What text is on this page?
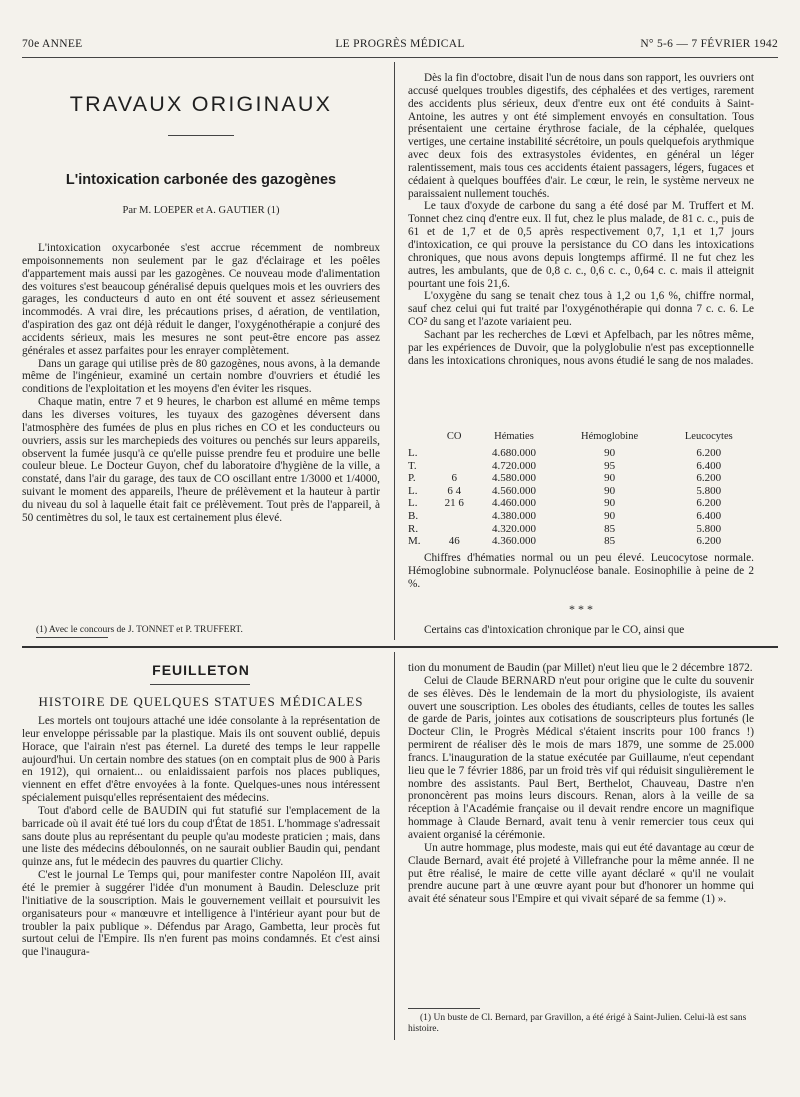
70e ANNEE	LE PROGRÈS MÉDICAL	N° 5-6 — 7 FÉVRIER 1942
TRAVAUX ORIGINAUX
L'intoxication carbonée des gazogènes
Par M. LOEPER et A. GAUTIER (1)

L'intoxication oxycarbonée s'est accrue récemment de nombreux empoisonnements non seulement par le gaz d'éclairage et les poêles d'appartement mais aussi par les gazogènes. Ce nouveau mode d'alimentation des voitures s'est beaucoup généralisé depuis quelques mois et les ouvriers des garages, les conducteurs d auto en ont été souvent et assez sérieusement incommodés. A vrai dire, les précautions prises, d aération, de ventilation, d'aspiration des gaz ont déjà réduit le danger, l'oxygénothérapie a conjuré des accidents sérieux, mais les mesures ne sont peut-être encore pas assez générales et assez parfaites pour les enrayer complètement.

Dans un garage qui utilise près de 80 gazogènes, nous avons, à la demande même de l'ingénieur, examiné un certain nombre d'ouvriers et étudié les conditions de l'exploitation et les moyens d'en éviter les risques.

Chaque matin, entre 7 et 9 heures, le charbon est allumé en même temps dans les diverses voitures, les tuyaux des gazogènes déversent dans l'atmosphère des fumées de plus en plus riches en CO et les conducteurs ou ouvriers, assis sur les marchepieds des voitures ou penchés sur leurs appareils, observent la fumée jusqu'à ce qu'elle puisse prendre feu et produire une belle couleur bleue. Le Docteur Guyon, chef du laboratoire d'hygiène de la ville, a constaté, dans l'air du garage, des taux de CO oscillant entre 1/3000 et 1/4000, suivant le moment des appareils, l'heure de prélèvement et la hauteur à partir du niveau du sol à laquelle était fait ce prélèvement. Tout près de l'appareil, à 50 centimètres du sol, le taux est certainement plus élevé.

(1) Avec le concours de J. TONNET et P. TRUFFERT.

Dès la fin d'octobre, disait l'un de nous dans son rapport, les ouvriers ont accusé quelques troubles digestifs, des céphalées et des vertiges, rarement des accidents plus sérieux, deux d'entre eux ont été conduits à Saint-Antoine, les autres y ont été simplement envoyés en consultation. Tous présentaient une certaine érythrose faciale, de la céphalée, quelques vertiges, une certaine instabilité sécrétoire, un pouls quelquefois arythmique avec deux fois des extrasystoles évidentes, en général un léger ralentissement, mais tous ces accidents étaient passagers, légers, fugaces et cédaient à quelques bouffées d'air. Le cœur, le rein, le système nerveux ne paraissaient nullement touchés.

Le taux d'oxyde de carbone du sang a été dosé par M. Truffert et M. Tonnet chez cinq d'entre eux. Il fut, chez le plus malade, de 81 c. c., puis de 61 et de 1,7 et de 0,5 après respectivement 0,7, 1,1 et 1,7 jours d'intoxication, ce qui prouve la persistance du CO dans les intoxications chroniques, que nous avons depuis longtemps affirmé. Il ne fut chez les autres, les ambulants, que de 0,8 c. c., 0,6 c. c., 0,64 c. c. mais il atteignit pourtant une fois 21,6.

L'oxygène du sang se tenait chez tous à 1,2 ou 1,6 %, chiffre normal, sauf chez celui qui fut traité par l'oxygénothérapie qui donna 7 c. c. 6. Le CO² du sang et l'azote variaient peu.

Sachant par les recherches de Lœvi et Apfelbach, par les nôtres même, par les expériences de Duvoir, que la polyglobulie n'est pas exceptionnelle dans les intoxications chroniques, nous avons étudié le sang de nos malades.

	CO	Hématies	Hémoglobine	Leucocytes
L.		4.680.000	90	6.200
T.		4.720.000	95	6.400
P.	6	4.580.000	90	6.200
L.	6 4	4.560.000	90	5.800
L.	21 6	4.460.000	90	6.200
B.		4.380.000	90	6.400
R.		4.320.000	85	5.800
M.	46	4.360.000	85	6.200

Chiffres d'hématies normal ou un peu élevé. Leucocytose normale. Hémoglobine subnormale. Polynucléose banale. Eosinophilie à peine de 2 %.

* * *

Certains cas d'intoxication chronique par le CO, ainsi que

FEUILLETON
HISTOIRE DE QUELQUES STATUES MÉDICALES

Les mortels ont toujours attaché une idée consolante à la représentation de leur enveloppe périssable par la plastique. Mais ils ont souvent oublié, depuis Horace, que l'airain n'est pas éternel. La dureté des temps le leur rappelle aujourd'hui. Un certain nombre des statues (on en comptait plus de 900 à Paris en 1912), qui ornaient... ou enlaidissaient parfois nos places publiques, viennent en effet d'être envoyées à la fonte. Quelques-unes nous intéressent spécialement puisqu'elles représentaient des médecins.

Tout d'abord celle de BAUDIN qui fut statufié sur l'emplacement de la barricade où il avait été tué lors du coup d'État de 1851. L'hommage s'adressait sans doute plus au représentant du peuple qu'au modeste praticien ; mais, dans une liste des médecins déboulonnés, on ne saurait oublier Baudin qui, pendant quinze ans, fut le médecin des pauvres du quartier Clichy.

C'est le journal Le Temps qui, pour manifester contre Napoléon III, avait été le premier à suggérer l'idée d'un monument à Baudin. Delescluze prit l'initiative de la souscription. Mais le gouvernement veillait et poursuivit les organisateurs pour « manœuvre et intelligence à l'intérieur ayant pour but de troubler la paix publique ». Défendus par Arago, Gambetta, leur procès fut surtout celui de l'Empire. Ils n'en furent pas moins condamnés. Et c'est ainsi que l'inaugura-

tion du monument de Baudin (par Millet) n'eut lieu que le 2 décembre 1872.

Celui de Claude BERNARD n'eut pour origine que le culte du souvenir de ses élèves. Dès le lendemain de la mort du physiologiste, ils avaient ouvert une souscription. Les oboles des étudiants, celles de toutes les salles de garde de Paris, jointes aux cotisations de souscripteurs plus fortunés (le Docteur Clin, le Progrès Médical s'étaient inscrits pour 100 francs !) permirent de réaliser dès le mois de mars 1879, une somme de 25.000 francs. L'inauguration de la statue exécutée par Guillaume, n'eut cependant lieu que le 7 février 1886, par un froid très vif qui réduisit singulièrement le nombre des assistants. Paul Bert, Berthelot, Chauveau, Dastre n'en prononcèrent pas moins leurs discours. Renan, alors à la veille de sa réception à l'Académie française ou il devait rendre encore un magnifique hommage à Claude Bernard, avait tenu à venir remercier tous ceux qui avaient organisé la cérémonie.

Un autre hommage, plus modeste, mais qui eut été davantage au cœur de Claude Bernard, avait été projeté à Villefranche pour la même année. Il ne put être réalisé, le maire de cette ville ayant déclaré « qu'il ne voulait prendre aucune part à une œuvre ayant pour but d'honorer un homme qui avait été sénateur sous l'Empire et qui vivait séparé de sa femme (1) ».

(1) Un buste de Cl. Bernard, par Gravillon, a été érigé à Saint-Julien. Celui-là est sans histoire.
